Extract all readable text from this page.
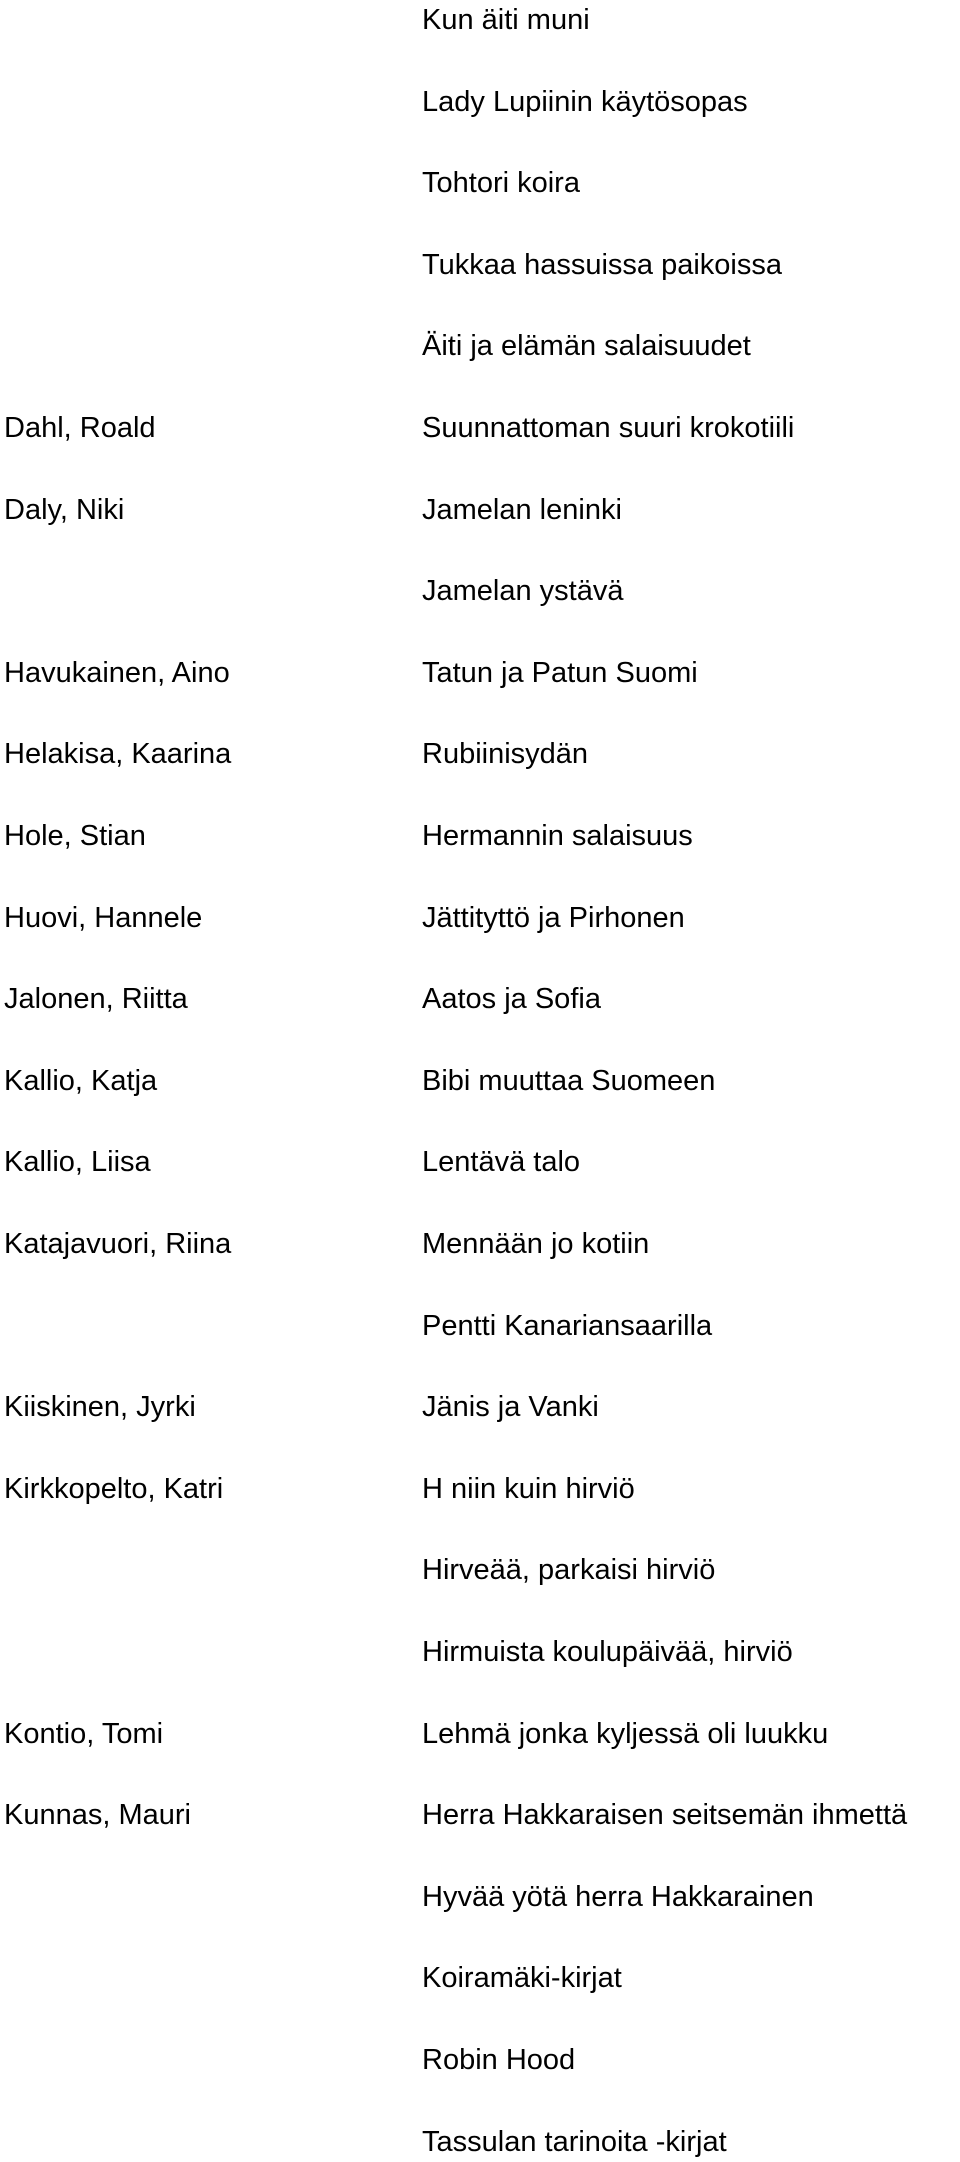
Kun äiti muni
Lady Lupiinin käytösopas
Tohtori koira
Tukkaa hassuissa paikoissa
Äiti ja elämän salaisuudet
Dahl, Roald	Suunnattoman suuri krokotiili
Daly, Niki	Jamelan leninki
Jamelan ystävä
Havukainen, Aino	Tatun ja Patun Suomi
Helakisa, Kaarina	Rubiinisydän
Hole, Stian	Hermannin salaisuus
Huovi, Hannele	Jättityttö ja Pirhonen
Jalonen, Riitta	Aatos ja Sofia
Kallio, Katja	Bibi muuttaa Suomeen
Kallio, Liisa	Lentävä talo
Katajavuori, Riina	Mennään jo kotiin
Pentti Kanariansaarilla
Kiiskinen, Jyrki	Jänis ja Vanki
Kirkkopelto, Katri	H niin kuin hirviö
Hirveää, parkaisi hirviö
Hirmuista koulupäivää, hirviö
Kontio, Tomi	Lehmä jonka kyljessä oli luukku
Kunnas, Mauri	Herra Hakkaraisen seitsemän ihmettä
Hyvää yötä herra Hakkarainen
Koiramäki-kirjat
Robin Hood
Tassulan tarinoita -kirjat
